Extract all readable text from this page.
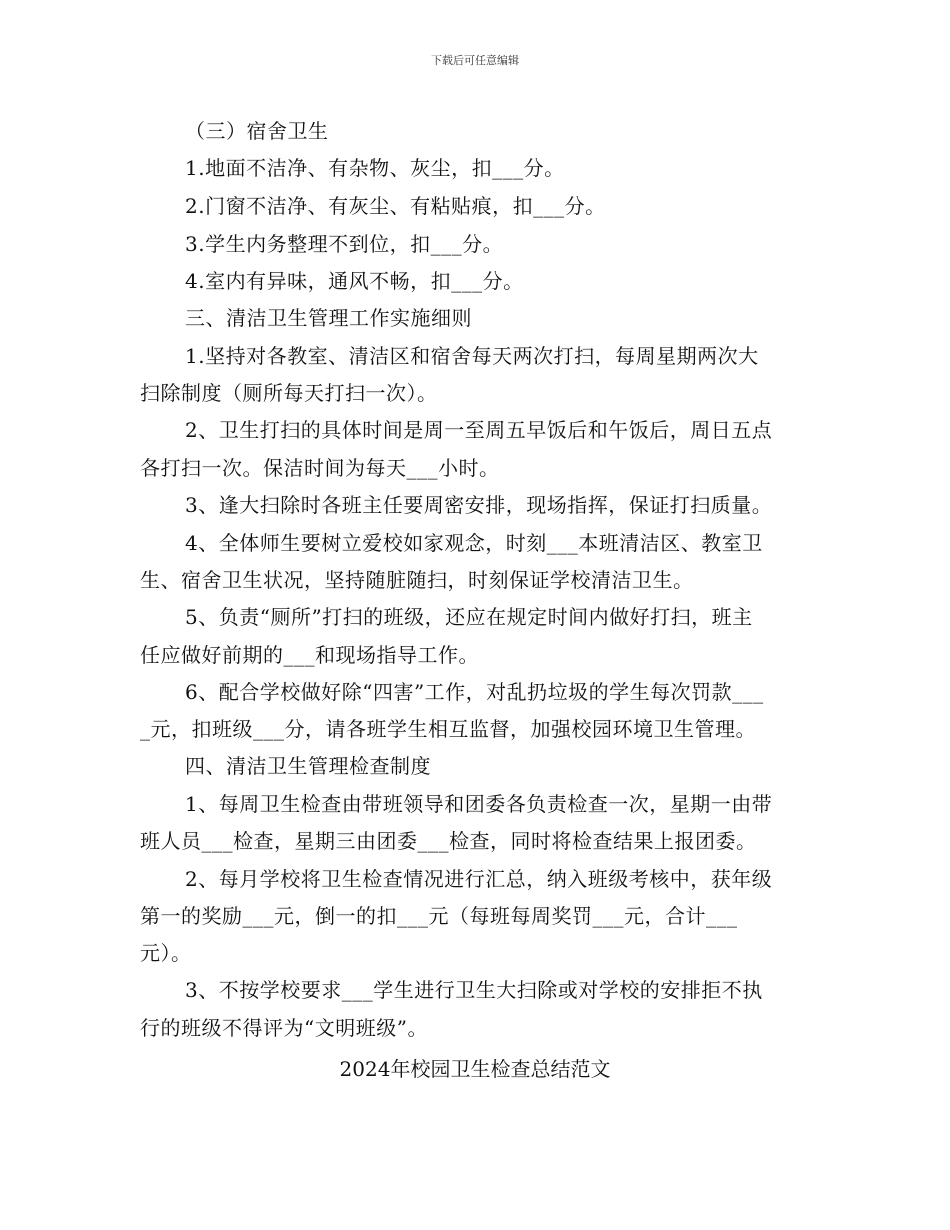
下载后可任意编辑
（三）宿舍卫生
1.地面不洁净、有杂物、灰尘，扣___分。
2.门窗不洁净、有灰尘、有粘贴痕，扣___分。
3.学生内务整理不到位，扣___分。
4.室内有异味，通风不畅，扣___分。
三、清洁卫生管理工作实施细则
1.坚持对各教室、清洁区和宿舍每天两次打扫，每周星期两次大
扫除制度（厕所每天打扫一次）。
2、卫生打扫的具体时间是周一至周五早饭后和午饭后，周日五点
各打扫一次。保洁时间为每天___小时。
3、逢大扫除时各班主任要周密安排，现场指挥，保证打扫质量。
4、全体师生要树立爱校如家观念，时刻___本班清洁区、教室卫
生、宿舍卫生状况，坚持随脏随扫，时刻保证学校清洁卫生。
5、负责“厕所”打扫的班级，还应在规定时间内做好打扫，班主
任应做好前期的___和现场指导工作。
6、配合学校做好除“四害”工作，对乱扔垃圾的学生每次罚款___
_元，扣班级___分，请各班学生相互监督，加强校园环境卫生管理。
四、清洁卫生管理检查制度
1、每周卫生检查由带班领导和团委各负责检查一次，星期一由带
班人员___检查，星期三由团委___检查，同时将检查结果上报团委。
2、每月学校将卫生检查情况进行汇总，纳入班级考核中，获年级
第一的奖励___元，倒一的扣___元（每班每周奖罚___元，合计___
元）。
3、不按学校要求___学生进行卫生大扫除或对学校的安排拒不执
行的班级不得评为“文明班级”。
2024年校园卫生检查总结范文
